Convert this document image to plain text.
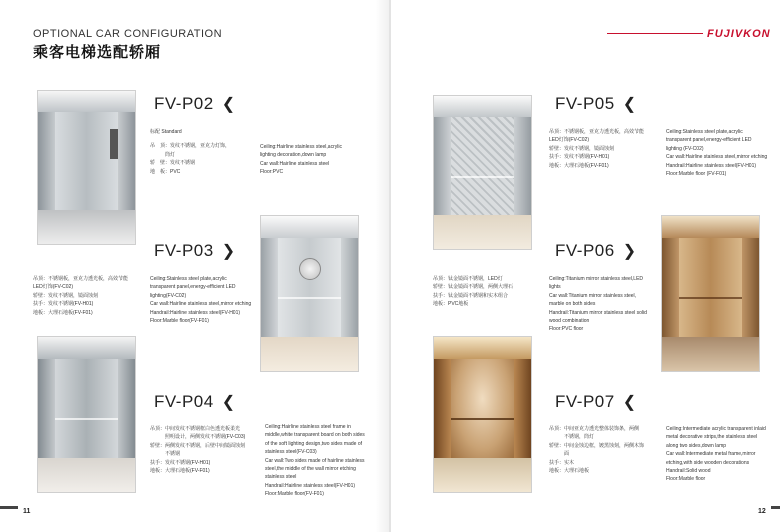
OPTIONAL CAR CONFIGURATION
乘客电梯选配轿厢
FV-P02 ❮
标配 Standard
吊　顶：发纹不锈钢，亚克力灯饰，
　　　筒灯
轿　壁：发纹不锈钢
地　板：PVC
Ceiling:Hairline stainless steel,acrylic
lighting decoration,down lamp
Car wall:Hairline stainless steel
Floor:PVC
FV-P03 ❯
吊顶：不锈钢板，亚克力透光板，高效节能
LED灯饰(FV-C02)
轿壁：发纹不锈钢，镜面蚀刻
扶手：发纹不锈钢(FV-H01)
地板：大理石地板(FV-F01)
Ceiling:Stainless steel plate,acrylic
transparent panel,energy-efficient LED
lighting(FV-C02)
Car wall:Hairline stainless steel,mirror etching
Handrail:Hairline stainless steel(FV-H01)
Floor:Marble floor(FV-F01)
FV-P04 ❮
吊顶：中间发纹不锈钢框白色透光板柔光
　　　照明设计，两侧发纹不锈钢(FV-C03)
轿壁：两侧发纹不锈钢，后壁中间镜面蚀刻
　　　不锈钢
扶手：发纹不锈钢(FV-H01)
地板：大理石地板(FV-F01)
Ceiling:Hairline stainless steel frame in
middle,white transparent board on both sides
of the soft lighting design,two sides made of
stainless steel(FV-C03)
Car wall:Two sides made of hairline stainless
steel,the middle of the wall mirror etching
stainless steel
Handrail:Hairline stainless steel(FV-H01)
Floor:Marble floor(FV-F01)
11
FUJIVKON
FV-P05 ❮
吊顶：不锈钢板，亚克力透光板，高效节能
LED灯饰(FV-C02)
轿壁：发纹不锈钢，镜面蚀刻
扶手：发纹不锈钢(FV-H01)
地板：大理石地板(FV-F01)
Ceiling:Stainless steel plate,acrylic
transparent panel,energy-efficient LED
lighting (FV-C02)
Car wall:Hairline stainless steel,mirror etching
Handrail:Hairline stainless steel(FV-H01)
Floor:Marble floor (FV-F01)
FV-P06 ❯
吊顶：钛金镜面不锈钢，LED灯
轿壁：钛金镜面不锈钢，两侧大理石
扶手：钛金镜面不锈钢和实木组合
地板：PVC地板
Ceiling:Titanium mirror stainless steel,LED
lights
Car wall:Titanium mirror stainless steel,
marble on both sides
Handrail:Titanium mirror stainless steel solid
wood combination
Floor:PVC floor
FV-P07 ❮
吊顶：中间亚克力透光整体装饰条，两侧
　　　不锈钢，筒灯
轿壁：中间金蚀边框，镀黑蚀刻，两侧木饰
　　　面
扶手：实木
地板：大理石地板
Ceiling:Intermediate acrylic transparent inlaid
metal decorative strips,the stainless steel
along two sides,down lamp
Car wall:Intermediate metal frame,mirror
etching,with side wooden decorations
Handrail:Solid wood
Floor:Marble floor
12
